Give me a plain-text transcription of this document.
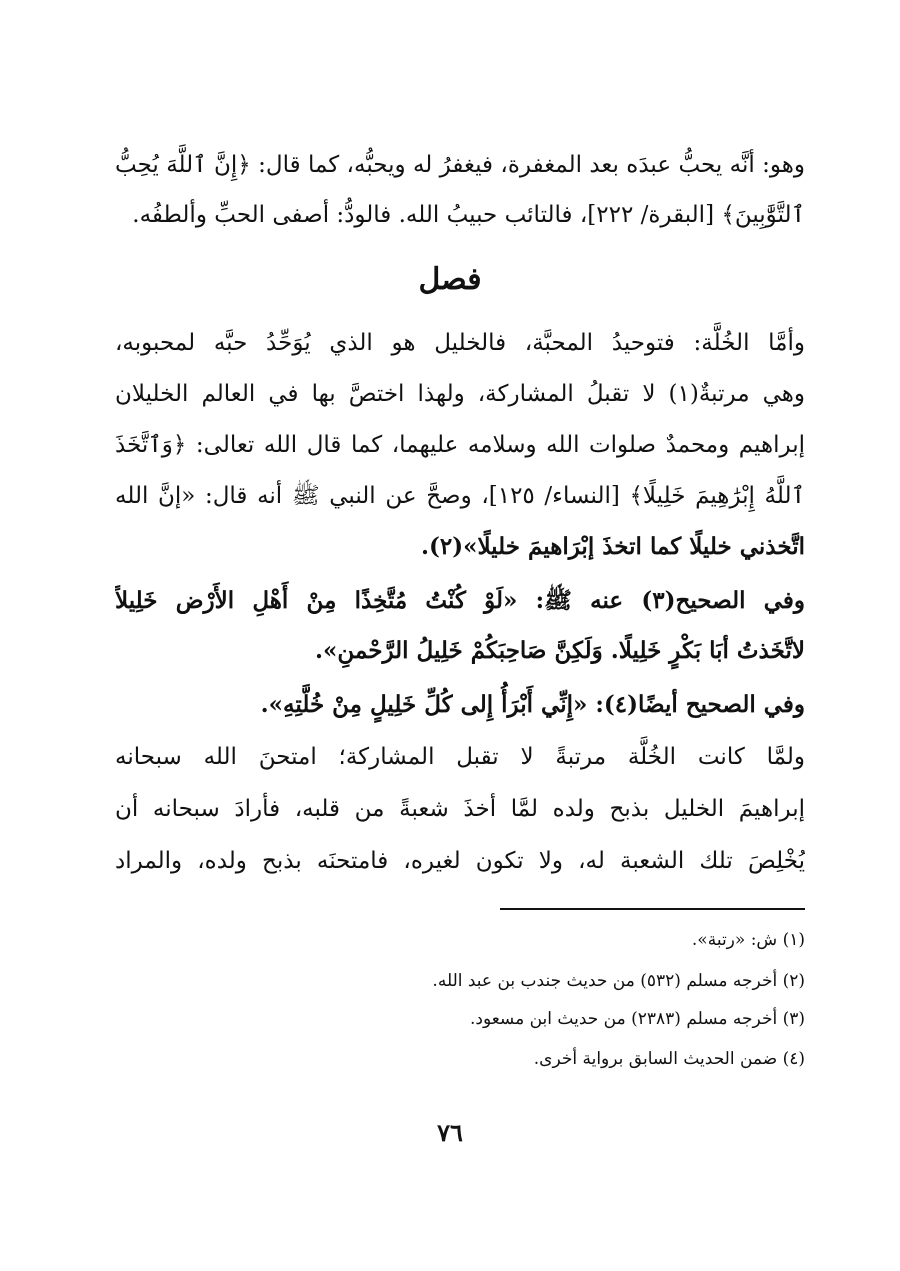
وهو: أنَّه يحبُّ عبدَه بعد المغفرة، فيغفرُ له ويحبُّه، كما قال: ﴿إِنَّ ٱللَّهَ يُحِبُّ
ٱلتَّوَّٰبِينَ﴾ [البقرة/ ٢٢٢]، فالتائب حبيبُ الله. فالودُّ: أصفى الحبِّ وألطفُه.
فصل
وأمَّا الخُلَّة: فتوحيدُ المحبَّة، فالخليل هو الذي يُوَحِّدُ حبَّه لمحبوبه،
وهي مرتبةٌ(١) لا تقبلُ المشاركة، ولهذا اختصَّ بها في العالم الخليلان
إبراهيم ومحمدٌ صلوات الله وسلامه عليهما، كما قال الله تعالى: ﴿وَٱتَّخَذَ
ٱللَّهُ إِبْرَٰهِيمَ خَلِيلًا﴾ [النساء/ ١٢٥]، وصحَّ عن النبي ﷺ أنه قال: «إنَّ الله
اتَّخذني خليلًا كما اتخذَ إبْرَاهيمَ خليلًا»(٢).
وفي الصحيح(٣) عنه ﷺ: «لَوْ كُنْتُ مُتَّخِذًا مِنْ أَهْلِ الأَرْض خَلِيلاً
لاتَّخَذتُ أبَا بَكْرٍ خَلِيلًا. وَلَكِنَّ صَاحِبَكُمْ خَلِيلُ الرَّحْمنِ».
وفي الصحيح أيضًا(٤): «إِنِّي أَبْرَأُ إِلى كُلِّ خَلِيلٍ مِنْ خُلَّتِهِ».
ولمَّا كانت الخُلَّة مرتبةً لا تقبل المشاركة؛ امتحنَ الله سبحانه
إبراهيمَ الخليل بذبح ولده لمَّا أخذَ شعبةً من قلبه، فأرادَ سبحانه أن
يُخْلِصَ تلك الشعبة له، ولا تكون لغيره، فامتحنَه بذبح ولده، والمراد
(١) ش: «رتبة».
(٢) أخرجه مسلم (٥٣٢) من حديث جندب بن عبد الله.
(٣) أخرجه مسلم (٢٣٨٣) من حديث ابن مسعود.
(٤) ضمن الحديث السابق برواية أخرى.
٧٦
